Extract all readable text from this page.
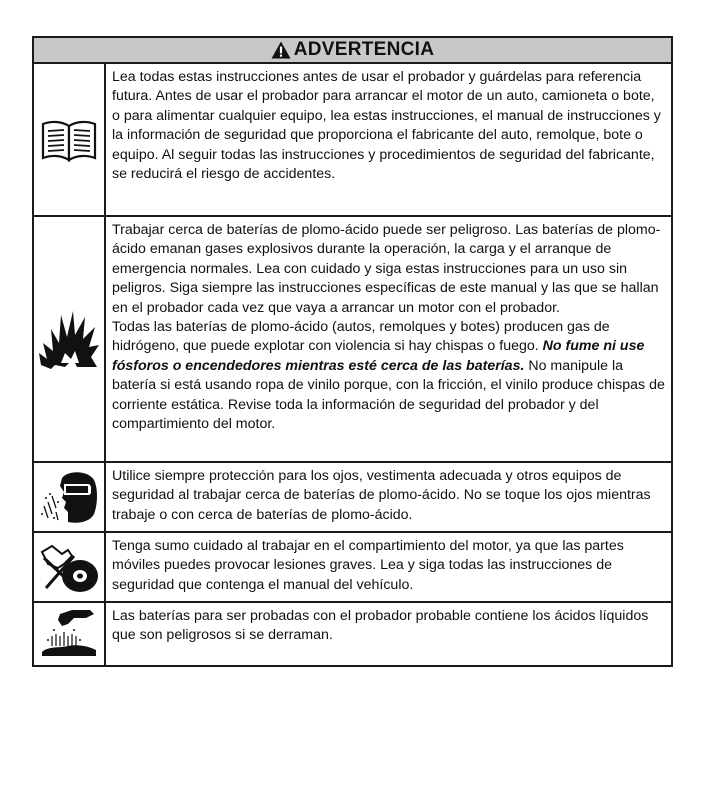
ADVERTENCIA

Lea todas estas instrucciones antes de usar el probador y guárdelas para referencia futura. Antes de usar el probador para arrancar el motor de un auto, camioneta o bote, o para alimentar cualquier equipo, lea estas instrucciones, el manual de instrucciones y la información de seguridad que proporciona el fabricante del auto, remolque, bote o equipo. Al seguir todas las instrucciones y procedimientos de seguridad del fabricante, se reducirá el riesgo de accidentes.

Trabajar cerca de baterías de plomo-ácido puede ser peligroso. Las baterías de plomo-ácido emanan gases explosivos durante la operación, la carga y el arranque de emergencia normales. Lea con cuidado y siga estas instrucciones para un uso sin peligros. Siga siempre las instrucciones específicas de este manual y las que se hallan en el probador cada vez que vaya a arrancar un motor con el probador.

Todas las baterías de plomo-ácido (autos, remolques y botes) producen gas de hidrógeno, que puede explotar con violencia si hay chispas o fuego. No fume ni use fósforos o encendedores mientras esté cerca de las baterías. No manipule la batería si está usando ropa de vinilo porque, con la fricción, el vinilo produce chispas de corriente estática. Revise toda la información de seguridad del probador y del compartimiento del motor.

Utilice siempre protección para los ojos, vestimenta adecuada y otros equipos de seguridad al trabajar cerca de baterías de plomo-ácido. No se toque los ojos mientras trabaje o con cerca de baterías de plomo-ácido.

Tenga sumo cuidado al trabajar en el compartimiento del motor, ya que las partes móviles puedes provocar lesiones graves. Lea y siga todas las instrucciones de seguridad que contenga el manual del vehículo.

Las baterías para ser probadas con el probador probable contiene los ácidos líquidos que son peligrosos si se derraman.
